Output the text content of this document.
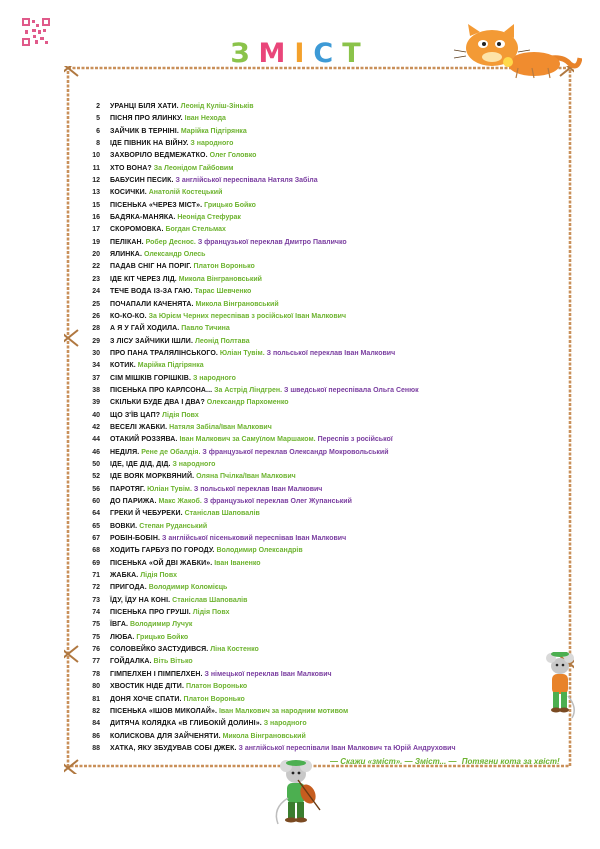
ЗМІСТ
2 УРАНЦІ БІЛЯ ХАТИ. Леонід Куліш-Зіньків
5 ПІСНЯ ПРО ЯЛИНКУ. Іван Нехода
6 ЗАЙЧИК В ТЕРНІНІ. Марійка Підгірянка
8 ІДЕ ПІВНИК НА ВІЙНУ. З народного
10 ЗАХВОРІЛО ВЕДМЕЖАТКО. Олег Головко
11 ХТО ВОНА? За Леонідом Гайбовим
12 БАБУСИН ПЕСИК. З англійської переспівала Натяля Забіла
13 КОСИЧКИ. Анатолій Костецький
15 ПІСЕНЬКА «ЧЕРЕЗ МІСТ». Грицько Бойко
16 БАДЯКА-МАНЯКА. Неоніда Стефурак
17 СКОРОМОВКА. Богдан Стельмах
19 ПЕЛІКАН. Робер Деснос. З французької переклав Дмитро Павличко
20 ЯЛИНКА. Олександр Олесь
22 ПАДАВ СНІГ НА ПОРІГ. Платон Воронько
23 ІДЕ КІТ ЧЕРЕЗ ЛІД. Микола Вінграновський
24 ТЕЧЕ ВОДА ІЗ-ЗА ГАЮ. Тарас Шевченко
25 ПОЧАПАЛИ КАЧЕНЯТА. Микола Вінграновський
26 КО-КО-КО. За Юрієм Черних переспівав з російської Іван Малкович
28 А Я У ГАЙ ХОДИЛА. Павло Тичина
29 З ЛІСУ ЗАЙЧИКИ ІШЛИ. Леонід Полтава
30 ПРО ПАНА ТРАЛЯЛІНСЬКОГО. Юліан Тувім. З польської переклав Іван Малкович
34 КОТИК. Марійка Підгірянка
37 СІМ МІШКІВ ГОРІШКІВ. З народного
38 ПІСЕНЬКА ПРО КАРЛСОНА... За Астрід Ліндгрен. З шведської переспівала Ольга Сенюк
39 СКІЛЬКИ БУДЕ ДВА І ДВА? Олександр Пархоменко
40 ЩО З'ЇВ ЦАП? Лідія Повх
42 ВЕСЕЛІ ЖАБКИ. Натяля Забіла/Іван Малкович
44 ОТАКИЙ РОЗЗЯВА. Іван Малкович за Самуїлом Маршаком. Переспів з російської
46 НЕДІЛЯ. Рене де Обалдія. З французької переклав Олександр Мокровольський
50 ІДЕ, ІДЕ ДІД, ДІД. З народного
52 ІДЕ ВОЯК МОРКВЯНИЙ. Оляна Пчілка/Іван Малкович
56 ПАРОТЯГ. Юліан Тувім. З польської переклав Іван Малкович
60 ДО ПАРИЖА. Макс Жакоб. З французької переклав Олег Жупанський
64 ГРЕКИ Й ЧЕБУРЕКИ. Станіслав Шаповалів
65 ВОВКИ. Степан Руданський
67 РОБІН-БОБІН. З англійської пісеньковий переспівав Іван Малкович
68 ХОДИТЬ ГАРБУЗ ПО ГОРОДУ. Володимир Олександрів
69 ПІСЕНЬКА «ОЙ ДВІ ЖАБКИ». Іван Іваненко
71 ЖАБКА. Лідія Повх
72 ПРИГОДА. Володимир Коломієць
73 ЇДУ, ЇДУ НА КОНІ. Станіслав Шаповалів
74 ПІСЕНЬКА ПРО ГРУШІ. Лідія Повх
75 ЇВГА. Володимир Лучук
75 ЛЮБА. Грицько Бойко
76 СОЛОВЕЙКО ЗАСТУДИВСЯ. Ліна Костенко
77 ГОЙДАЛКА. Віть Вітько
78 ГІМПЕЛХЕН І ПІМПЕЛХЕН. З німецької переклав Іван Малкович
80 ХВОСТИК НІДЕ ДІТИ. Платон Воронько
81 ДОНЯ ХОЧЕ СПАТИ. Платон Воронько
82 ПІСЕНЬКА «ІШОВ МИКОЛАЙ». Іван Малкович за народним мотивом
84 ДИТЯЧА КОЛЯДКА «В ГЛИБОКІЙ ДОЛИНІ». З народного
86 КОЛИСКОВА ДЛЯ ЗАЙЧЕНЯТИ. Микола Вінграновський
88 ХАТКА, ЯКУ ЗБУДУВАВ СОБІ ДЖЕК. З англійської переспівали Іван Малкович та Юрій Андрухович
— Скажи «зміст». — Зміст... — Потягни кота за хвіст!
